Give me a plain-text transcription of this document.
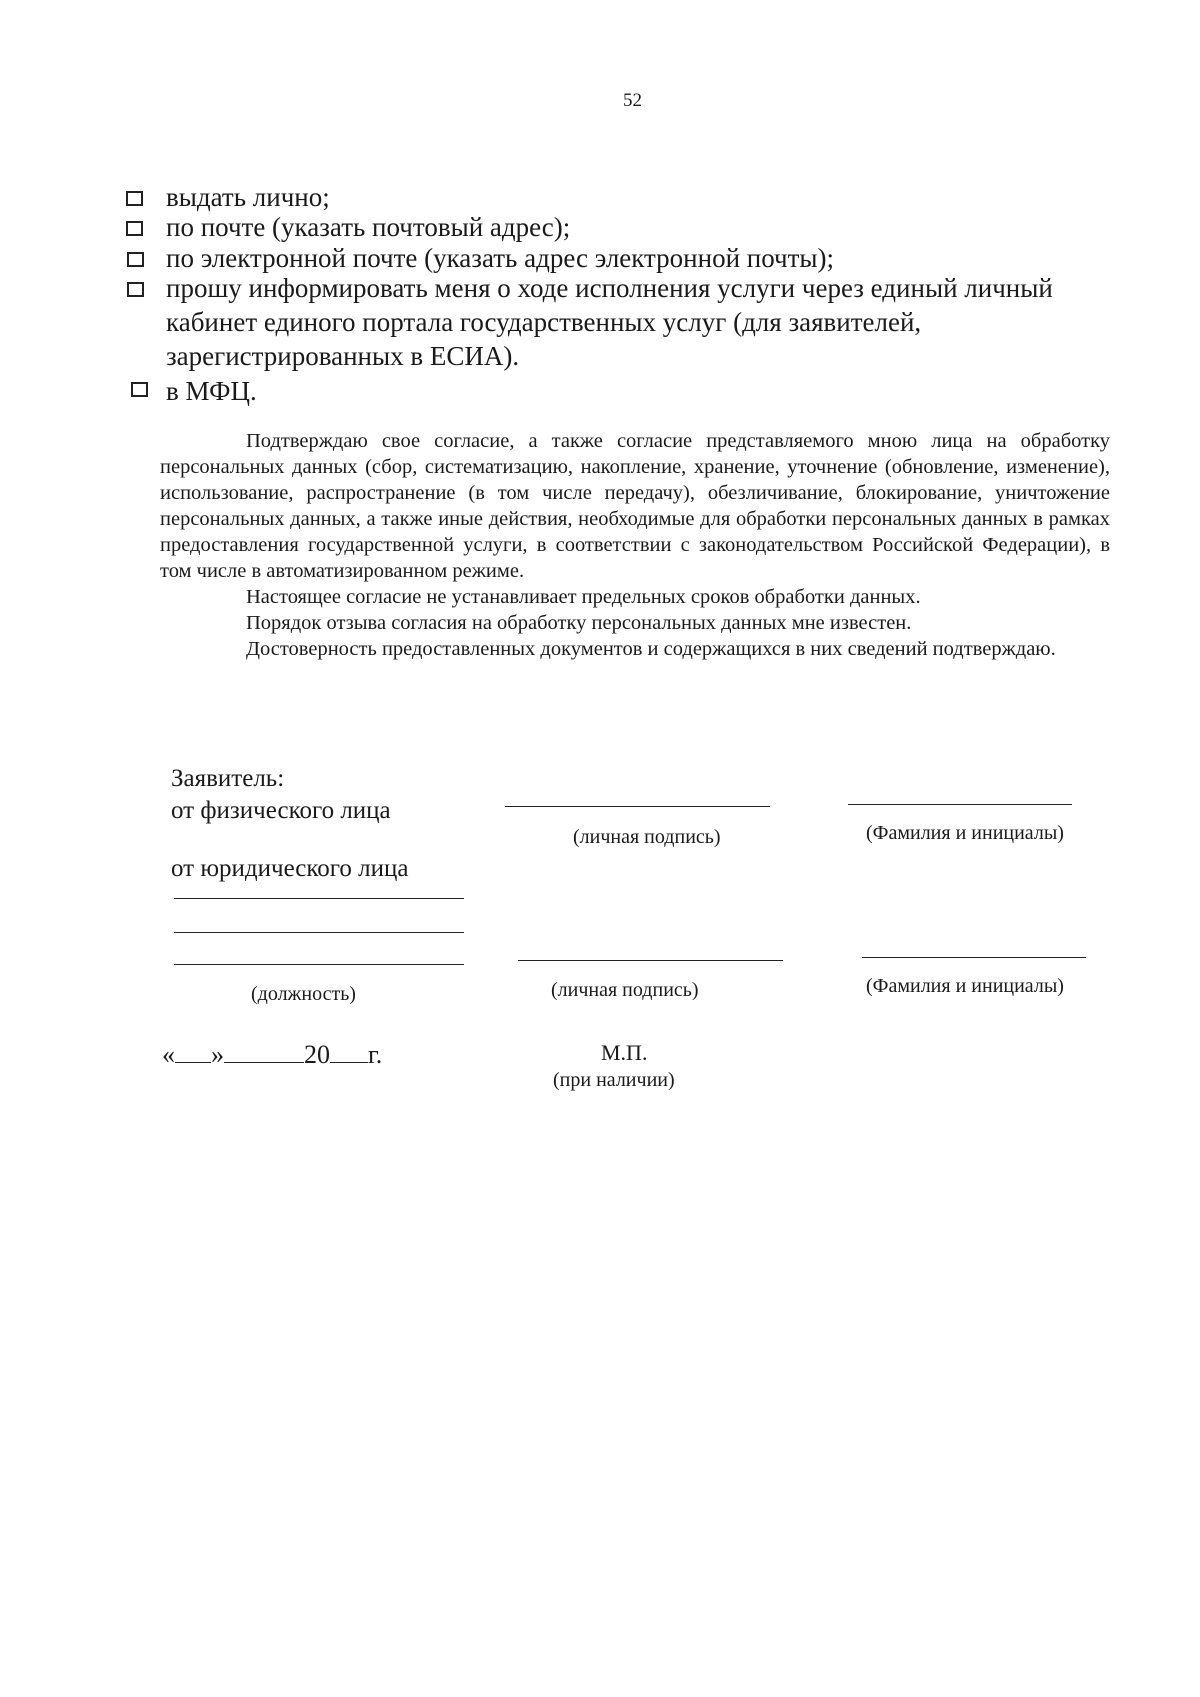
52
выдать лично;
по почте (указать почтовый адрес);
по электронной почте (указать адрес электронной почты);
прошу информировать меня о ходе исполнения услуги через единый личный
кабинет единого портала государственных услуг (для заявителей,
зарегистрированных в ЕСИА).
в МФЦ.

Подтверждаю свое согласие, а также согласие представляемого мною лица на обработку персональных данных (сбор, систематизацию, накопление, хранение, уточнение (обновление, изменение), использование, распространение (в том числе передачу), обезличивание, блокирование, уничтожение персональных данных, а также иные действия, необходимые для обработки персональных данных в рамках предоставления государственной услуги, в соответствии с законодательством Российской Федерации), в том числе в автоматизированном режиме.

Настоящее согласие не устанавливает предельных сроков обработки данных.

Порядок отзыва согласия на обработку персональных данных мне известен.

Достоверность предоставленных документов и содержащихся в них сведений подтверждаю.

Заявитель:
от физического лица
(личная подпись)	(Фамилия и инициалы)
от юридического лица
(должность)	(личная подпись)	(Фамилия и инициалы)
« »	20 г.	М.П.
(при наличии)
